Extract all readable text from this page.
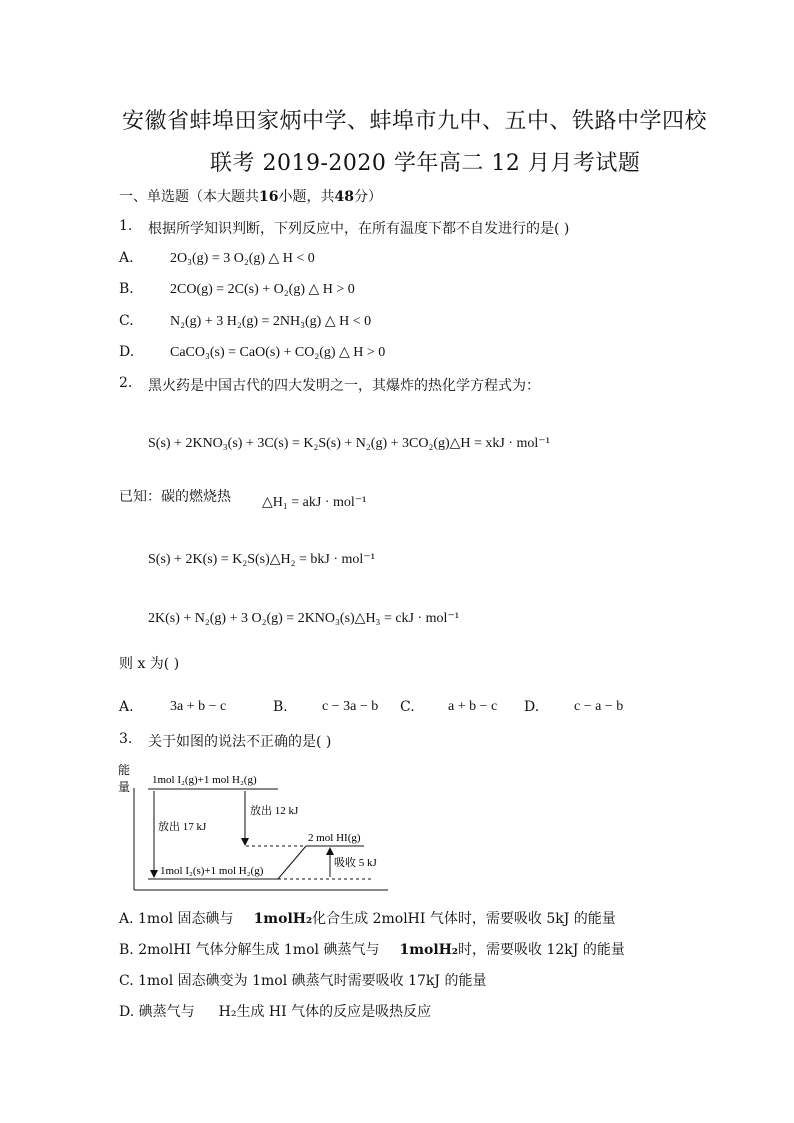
安徽省蚌埠田家炳中学、蚌埠市九中、五中、铁路中学四校
联考 2019-2020 学年高二 12 月月考试题
一、单选题（本大题共16小题，共48分）
1. 根据所学知识判断，下列反应中，在所有温度下都不自发进行的是( )
A.	2O₃(g) = 3 O₂(g) △ H < 0
B.	2CO(g) = 2C(s) + O₂(g) △ H > 0
C.	N₂(g) + 3 H₂(g) = 2NH₃(g) △ H < 0
D.	CaCO₃(s) = CaO(s) + CO₂(g) △ H > 0
2. 黑火药是中国古代的四大发明之一，其爆炸的热化学方程式为：
S(s) + 2KNO₃(s) + 3C(s) = K₂S(s) + N₂(g) + 3CO₂(g)△H = xkJ · mol⁻¹
已知：碳的燃烧热 △H₁ = akJ · mol⁻¹
S(s) + 2K(s) = K₂S(s)△H₂ = bkJ · mol⁻¹
2K(s) + N₂(g) + 3 O₂(g) = 2KNO₃(s)△H₃ = ckJ · mol⁻¹
则 x 为( )
A.	3a + b − c	B. c − 3a − b C. a + b − c D. c − a − b
3. 关于如图的说法不正确的是( )
能
量 1mol I₂(g)+1 mol H₂(g)
2 mol HI(g)
1mol I₂(s)+1 mol H₂(g)
放出 17 kJ
放出 12 kJ
吸收 5 kJ
A. 1mol 固态碘与 1molH₂化合生成 2molHI 气体时，需要吸收 5kJ 的能量
B. 2molHI 气体分解生成 1mol 碘蒸气与 1molH₂时，需要吸收 12kJ 的能量
C. 1mol 固态碘变为 1mol 碘蒸气时需要吸收 17kJ 的能量
D. 碘蒸气与 H₂生成 HI 气体的反应是吸热反应
